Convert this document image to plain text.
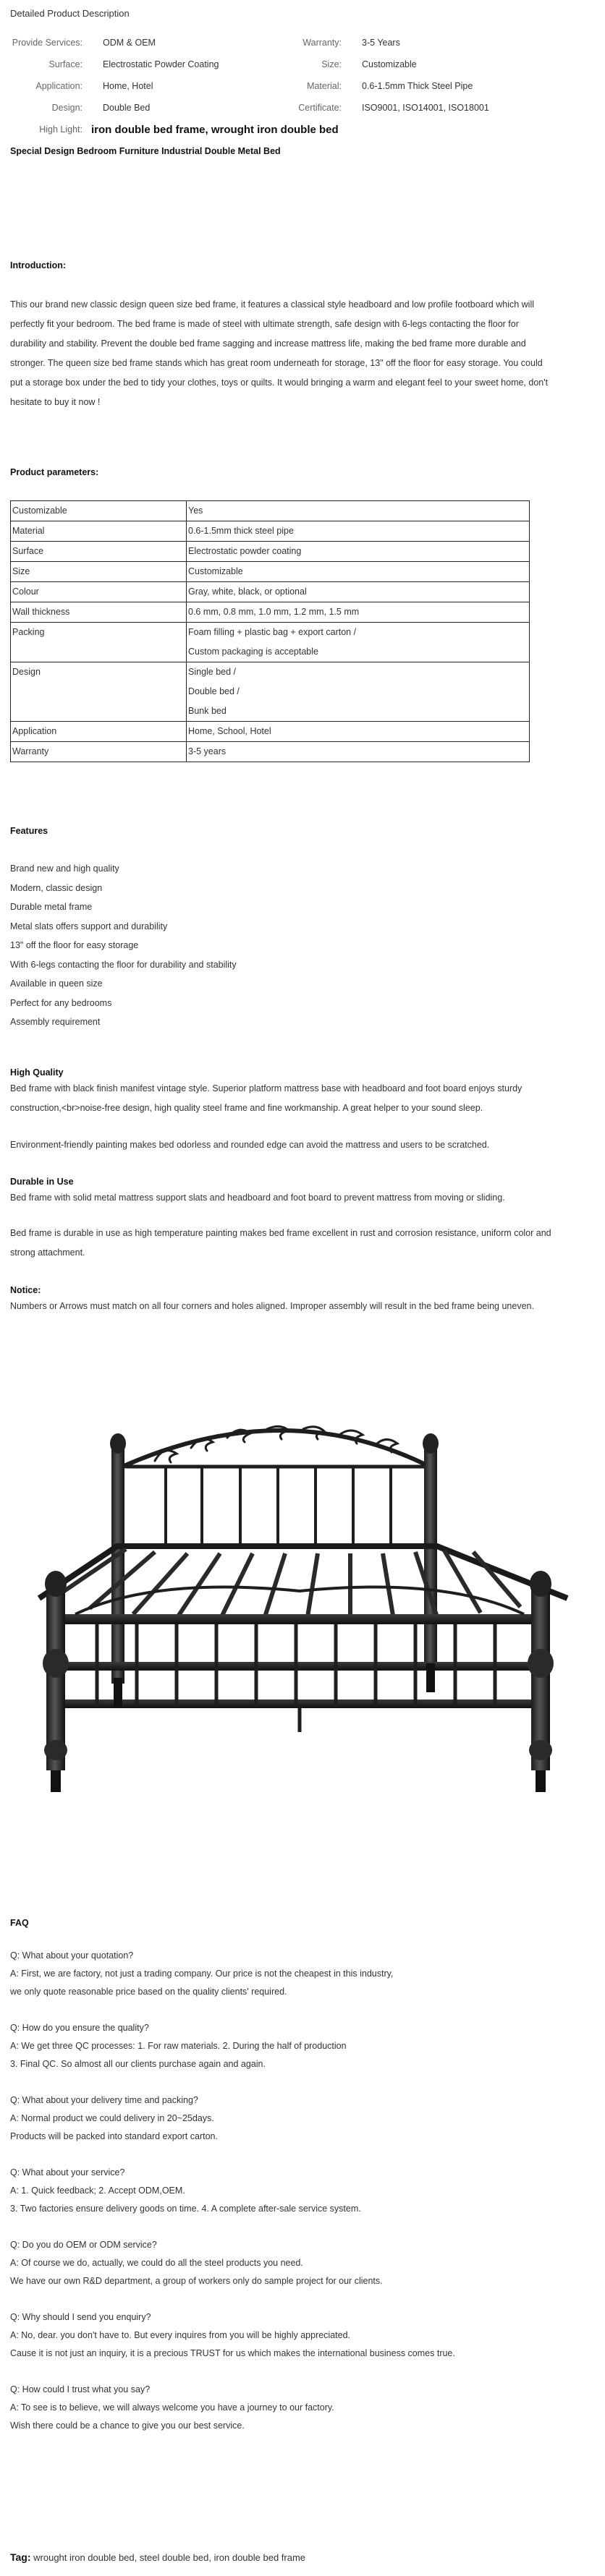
Detailed Product Description
Provide Services:	ODM & OEM	Warranty:	3-5 Years
Surface:	Electrostatic Powder Coating	Size:	Customizable
Application:	Home, Hotel	Material:	0.6-1.5mm Thick Steel Pipe
Design:	Double Bed	Certificate:	ISO9001, ISO14001, ISO18001
High Light:	iron double bed frame, wrought iron double bed		
Special Design Bedroom Furniture Industrial Double Metal Bed
Introduction:
This our brand new classic design queen size bed frame, it features a classical style headboard and low profile footboard which will
perfectly fit your bedroom. The bed frame is made of steel with ultimate strength, safe design with 6-legs contacting the floor for
durability and stability. Prevent the double bed frame sagging and increase mattress life, making the bed frame more durable and
stronger. The queen size bed frame stands which has great room underneath for storage, 13" off the floor for easy storage. You could
put a storage box under the bed to tidy your clothes, toys or quilts. It would bringing a warm and elegant feel to your sweet home, don't
hesitate to buy it now !
Product parameters:
Customizable	Yes

Material	0.6-1.5mm thick steel pipe

Surface	Electrostatic powder coating

Size	Customizable

Colour	Gray, white, black, or optional

Wall thickness	0.6 mm, 0.8 mm, 1.0 mm, 1.2 mm, 1.5 mm

Packing	Foam filling + plastic bag + export carton /
Custom packaging is acceptable

Design	Single bed /
Double bed /
Bunk bed

Application	Home, School, Hotel

Warranty	3-5 years
Features
Brand new and high quality
Modern, classic design
Durable metal frame
Metal slats offers support and durability
13" off the floor for easy storage
With 6-legs contacting the floor for durability and stability
Available in queen size
Perfect for any bedrooms
Assembly requirement
High Quality
Bed frame with black finish manifest vintage style. Superior platform mattress base with headboard and foot board enjoys sturdy
construction,<br>noise-free design, high quality steel frame and fine workmanship. A great helper to your sound sleep.
Environment-friendly painting makes bed odorless and rounded edge can avoid the mattress and users to be scratched.
Durable in Use
Bed frame with solid metal mattress support slats and headboard and foot board to prevent mattress from moving or sliding.
Bed frame is durable in use as high temperature painting makes bed frame excellent in rust and corrosion resistance, uniform color and
strong attachment.
Notice:
Numbers or Arrows must match on all four corners and holes aligned. Improper assembly will result in the bed frame being uneven.
FAQ
Q: What about your quotation?
A: First, we are factory, not just a trading company. Our price is not the cheapest in this industry,
we only quote reasonable price based on the quality clients' required.
Q: How do you ensure the quality?
A: We get three QC processes: 1. For raw materials. 2. During the half of production
3. Final QC. So almost all our clients purchase again and again.
Q: What about your delivery time and packing?
A: Normal product we could delivery in 20~25days.
Products will be packed into standard export carton.
Q: What about your service?
A: 1. Quick feedback; 2. Accept ODM,OEM.
3. Two factories ensure delivery goods on time. 4. A complete after-sale service system.
Q: Do you do OEM or ODM service?
A: Of course we do, actually, we could do all the steel products you need.
We have our own R&D department, a group of workers only do sample project for our clients.
Q: Why should I send you enquiry?
A: No, dear. you don't have to. But every inquires from you will be highly appreciated.
Cause it is not just an inquiry, it is a precious TRUST for us which makes the international business comes true.
Q: How could I trust what you say?
A: To see is to believe, we will always welcome you have a journey to our factory.
Wish there could be a chance to give you our best service.
Tag: wrought iron double bed, steel double bed, iron double bed frame
